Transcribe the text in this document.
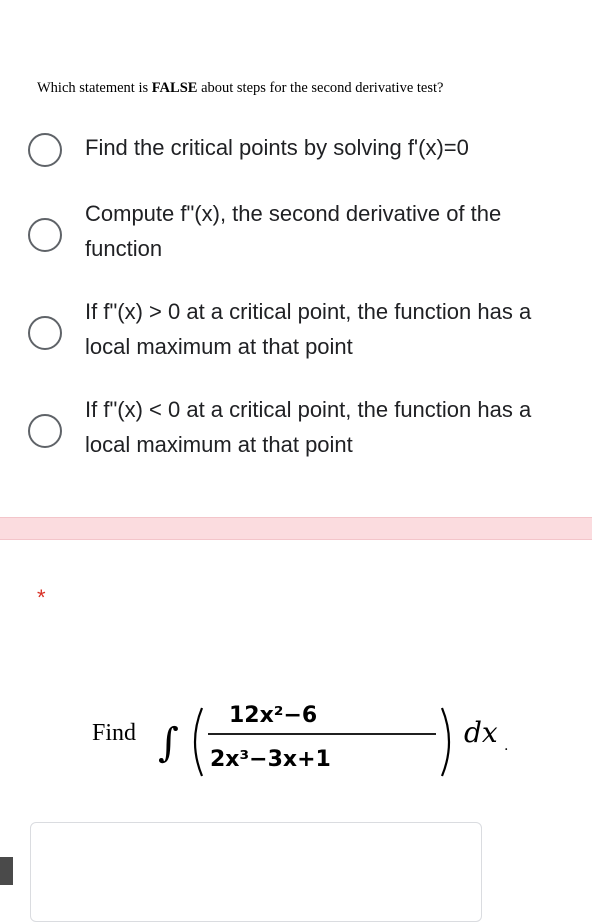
Which statement is FALSE about steps for the second derivative test?
Find the critical points by solving f'(x)=0
Compute f"(x), the second derivative of the function
If f"(x) > 0 at a critical point, the function has a local maximum at that point
If f"(x) < 0 at a critical point, the function has a local maximum at that point
*
Find ∫
12x²−6
2x³−3x+1
dx .
